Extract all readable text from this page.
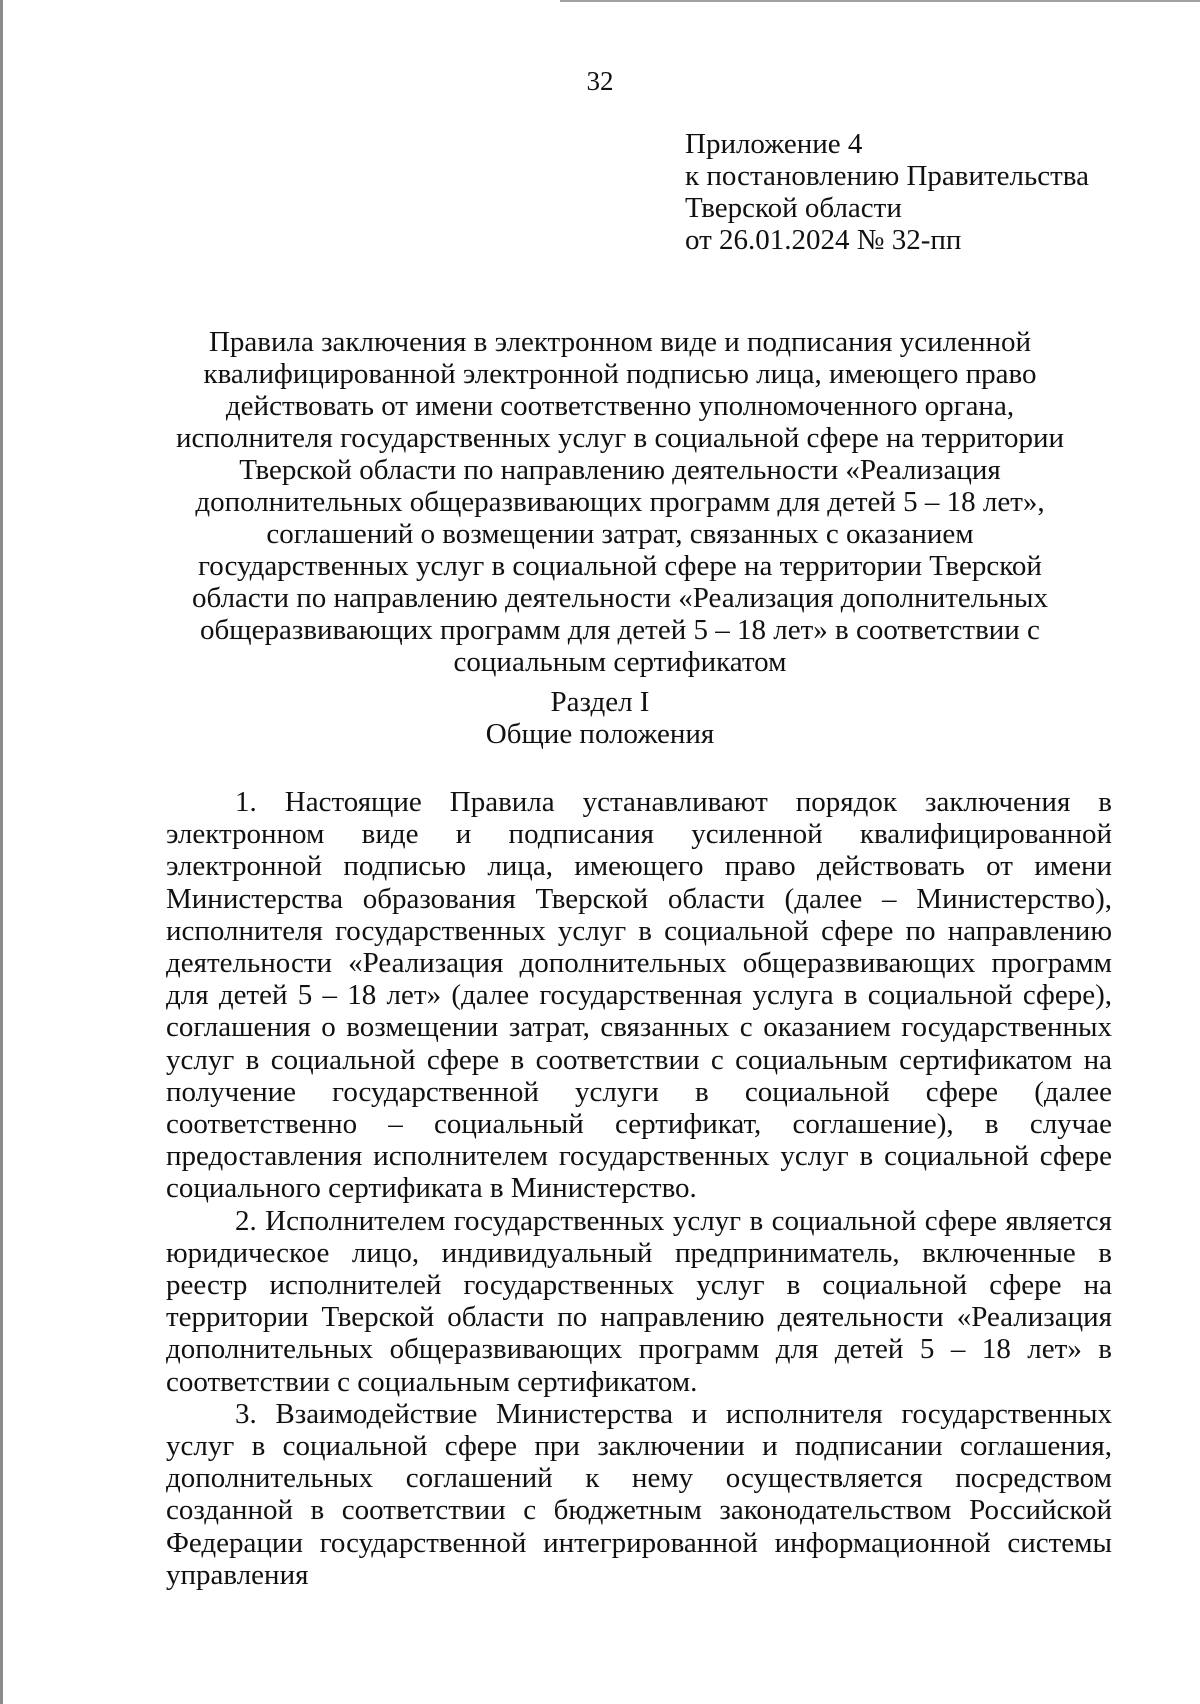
32
Приложение 4
к постановлению Правительства
Тверской области
от 26.01.2024 № 32-пп
Правила заключения в электронном виде и подписания усиленной квалифицированной электронной подписью лица, имеющего право действовать от имени соответственно уполномоченного органа, исполнителя государственных услуг в социальной сфере на территории Тверской области по направлению деятельности «Реализация дополнительных общеразвивающих программ для детей 5 – 18 лет», соглашений о возмещении затрат, связанных с оказанием государственных услуг в социальной сфере на территории Тверской области по направлению деятельности «Реализация дополнительных общеразвивающих программ для детей 5 – 18 лет» в соответствии с социальным сертификатом
Раздел I
Общие положения

1. Настоящие Правила устанавливают порядок заключения в электронном виде и подписания усиленной квалифицированной электронной подписью лица, имеющего право действовать от имени Министерства образования Тверской области (далее – Министерство), исполнителя государственных услуг в социальной сфере по направлению деятельности «Реализация дополнительных общеразвивающих программ для детей 5 – 18 лет» (далее государственная услуга в социальной сфере), соглашения о возмещении затрат, связанных с оказанием государственных услуг в социальной сфере в соответствии с социальным сертификатом на получение государственной услуги в социальной сфере (далее соответственно – социальный сертификат, соглашение), в случае предоставления исполнителем государственных услуг в социальной сфере социального сертификата в Министерство.

2. Исполнителем государственных услуг в социальной сфере является юридическое лицо, индивидуальный предприниматель, включенные в реестр исполнителей государственных услуг в социальной сфере на территории Тверской области по направлению деятельности «Реализация дополнительных общеразвивающих программ для детей 5 – 18 лет» в соответствии с социальным сертификатом.

3. Взаимодействие Министерства и исполнителя государственных услуг в социальной сфере при заключении и подписании соглашения, дополнительных соглашений к нему осуществляется посредством созданной в соответствии с бюджетным законодательством Российской Федерации государственной интегрированной информационной системы управления
